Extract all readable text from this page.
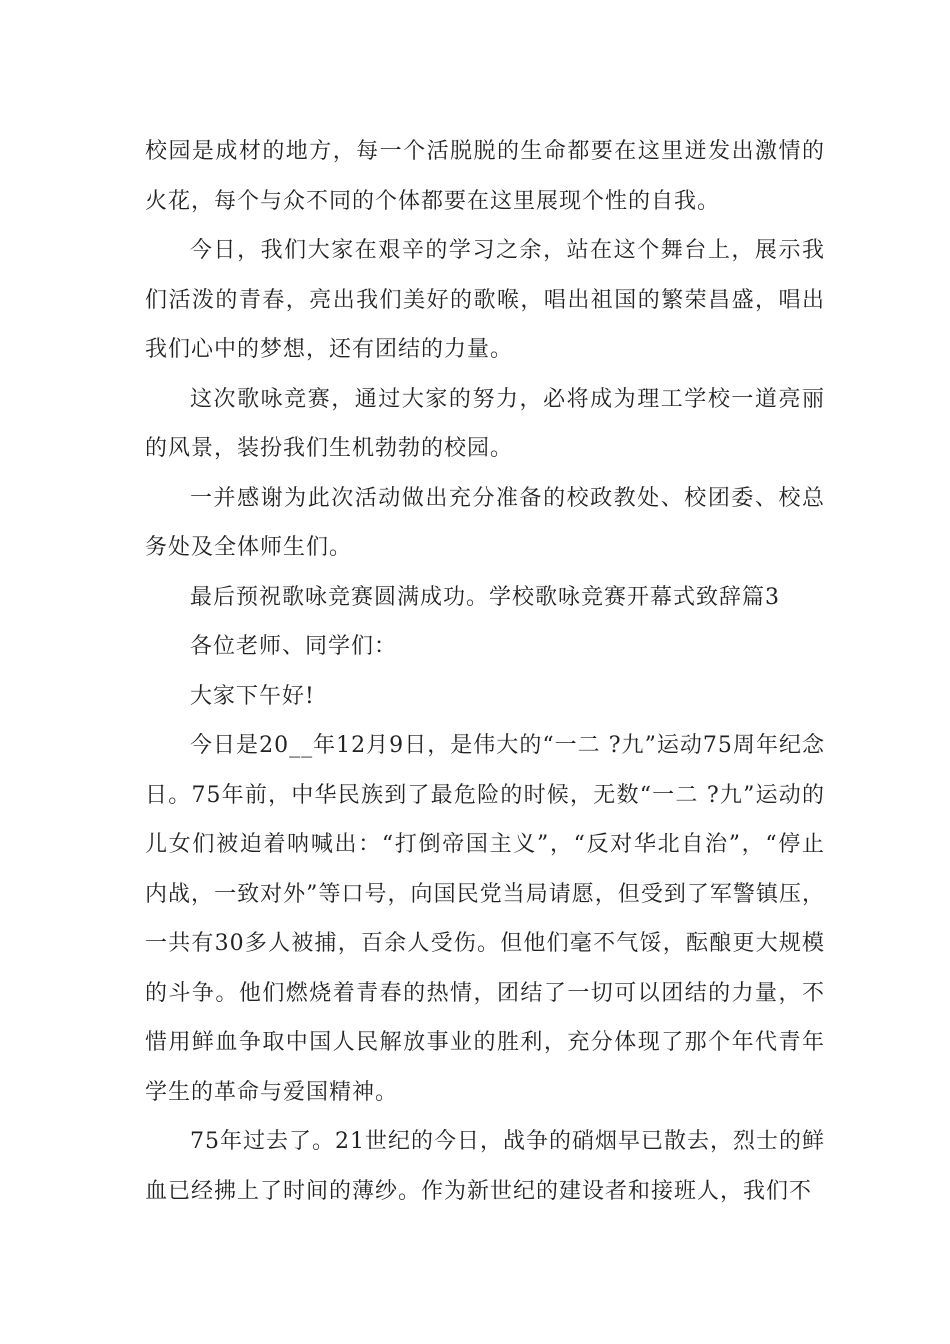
校园是成材的地方，每一个活脱脱的生命都要在这里迸发出激情的火花，每个与众不同的个体都要在这里展现个性的自我。

今日，我们大家在艰辛的学习之余，站在这个舞台上，展示我们活泼的青春，亮出我们美好的歌喉，唱出祖国的繁荣昌盛，唱出我们心中的梦想，还有团结的力量。

这次歌咏竞赛，通过大家的努力，必将成为理工学校一道亮丽的风景，装扮我们生机勃勃的校园。

一并感谢为此次活动做出充分准备的校政教处、校团委、校总务处及全体师生们。

最后预祝歌咏竞赛圆满成功。学校歌咏竞赛开幕式致辞篇3

各位老师、同学们：

大家下午好!

今日是20__年12月9日，是伟大的“一二 ?九”运动75周年纪念日。75年前，中华民族到了最危险的时候，无数“一二 ?九”运动的儿女们被迫着呐喊出：“打倒帝国主义”，“反对华北自治”，“停止内战，一致对外”等口号，向国民党当局请愿，但受到了军警镇压，一共有30多人被捕，百余人受伤。但他们毫不气馁，酝酿更大规模的斗争。他们燃烧着青春的热情，团结了一切可以团结的力量，不惜用鲜血争取中国人民解放事业的胜利，充分体现了那个年代青年学生的革命与爱国精神。

75年过去了。21世纪的今日，战争的硝烟早已散去，烈士的鲜血已经拂上了时间的薄纱。作为新世纪的建设者和接班人，我们不
